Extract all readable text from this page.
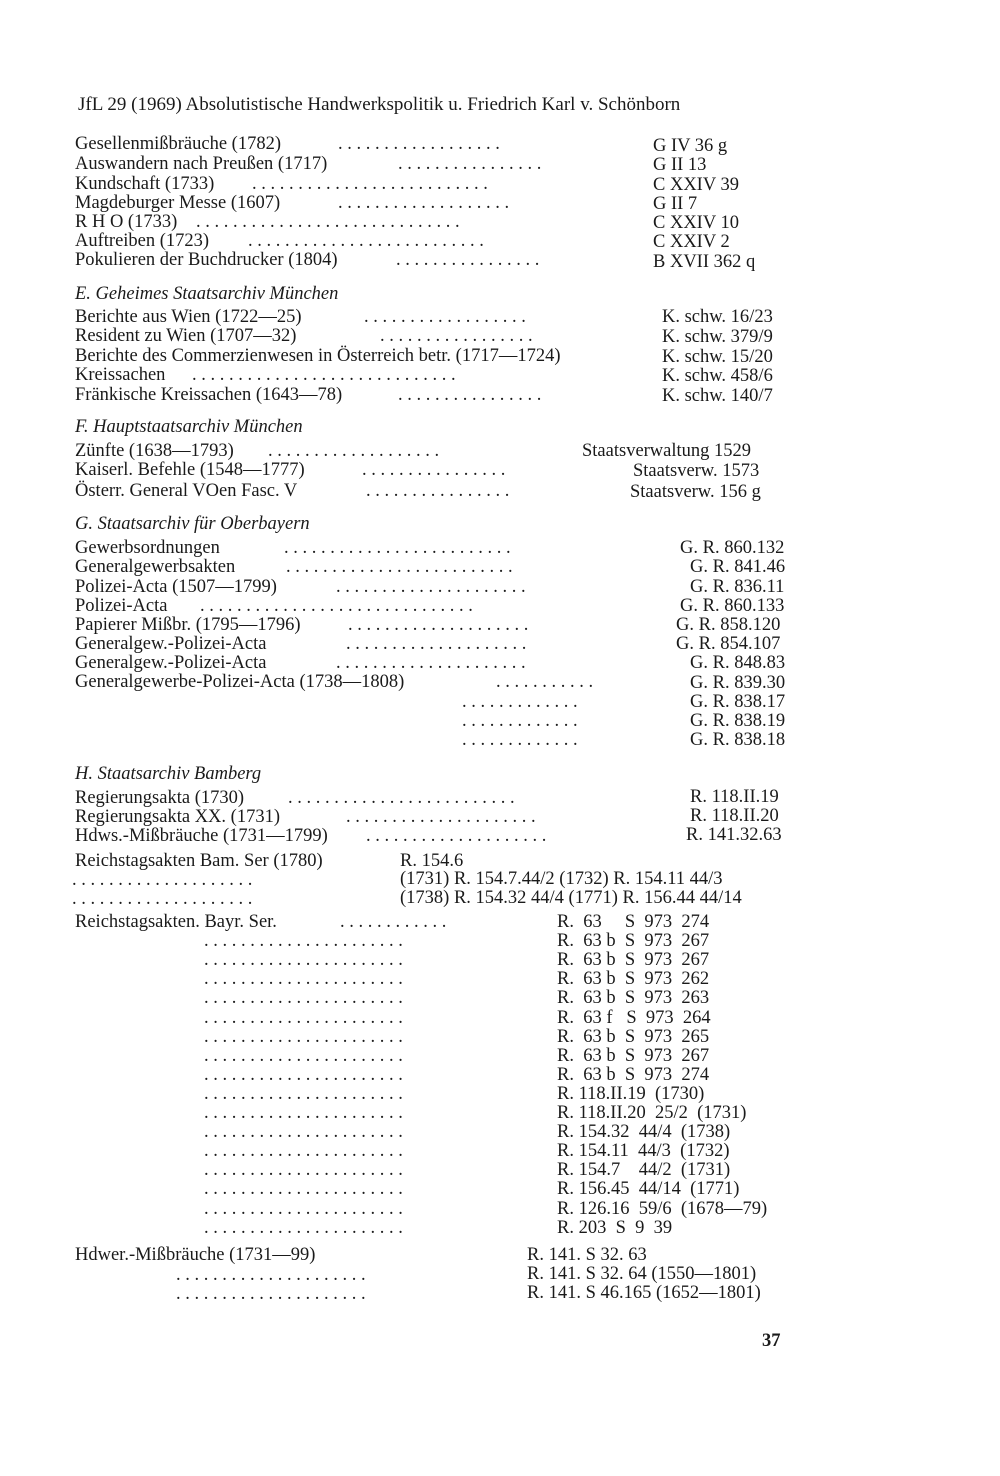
JfL 29 (1969) Absolutistische Handwerkspolitik u. Friedrich Karl v. Schönborn
Gesellenmißbräuche (1782)	. . . . . . . . . . . . . . . . . .	G IV 36 g
Auswandern nach Preußen (1717)	. . . . . . . . . . . . . . . .	G II 13
Kundschaft (1733) . . . . . . . . . . . . . . . . . . . . . . . . . .	C XXIV 39
Magdeburger Messe (1607)	. . . . . . . . . . . . . . . . . . .	G II 7
R H O (1733) . . . . . . . . . . . . . . . . . . . . . . . . . . . . .	C XXIV 10
Auftreiben (1723) . . . . . . . . . . . . . . . . . . . . . . . . . .	C XXIV 2
Pokulieren der Buchdrucker (1804)	. . . . . . . . . . . . . . . .	B XVII 362 q
E. Geheimes Staatsarchiv München
Berichte aus Wien (1722—25)	. . . . . . . . . . . . . . . . . .	K. schw. 16/23
Resident zu Wien (1707—32)	. . . . . . . . . . . . . . . . .	K. schw. 379/9
Berichte des Commerzienwesen in Österreich betr. (1717—1724)	K. schw. 15/20
Kreissachen . . . . . . . . . . . . . . . . . . . . . . . . . . . . .	K. schw. 458/6
Fränkische Kreissachen (1643—78)	. . . . . . . . . . . . . . . .	K. schw. 140/7
F. Hauptstaatsarchiv München
Zünfte (1638—1793) . . . . . . . . . . . . . . . . . . .	Staatsverwaltung 1529
Kaiserl. Befehle (1548—1777)	. . . . . . . . . . . . . . . .	Staatsverw. 1573
Österr. General VOen Fasc. V	. . . . . . . . . . . . . . . .	Staatsverw. 156 g
G. Staatsarchiv für Oberbayern
Gewerbsordnungen	. . . . . . . . . . . . . . . . . . . . . . . . .	G. R. 860.132
Generalgewerbsakten	. . . . . . . . . . . . . . . . . . . . . . . . .	G. R. 841.46
Polizei-Acta (1507—1799)	. . . . . . . . . . . . . . . . . . . . .	G. R. 836.11
Polizei-Acta . . . . . . . . . . . . . . . . . . . . . . . . . . . . . .	G. R. 860.133
Papierer Mißbr. (1795—1796)	. . . . . . . . . . . . . . . . . . . .	G. R. 858.120
Generalgew.-Polizei-Acta	. . . . . . . . . . . . . . . . . . . .	G. R. 854.107
Generalgew.-Polizei-Acta	. . . . . . . . . . . . . . . . . . . . .	G. R. 848.83
Generalgewerbe-Polizei-Acta (1738—1808)	. . . . . . . . . . .	G. R. 839.30
. . . . . . . . . . . . .	G. R. 838.17
. . . . . . . . . . . . .	G. R. 838.19
. . . . . . . . . . . . .	G. R. 838.18
H. Staatsarchiv Bamberg
Regierungsakta (1730) . . . . . . . . . . . . . . . . . . . . . . . . .	R. 118.II.19
Regierungsakta XX. (1731)	. . . . . . . . . . . . . . . . . . . . .	R. 118.II.20
Hdws.-Mißbräuche (1731—1799) . . . . . . . . . . . . . . . . . . . .	R. 141.32.63
Reichstagsakten Bam. Ser (1780)	R. 154.6
. . . . . . . . . . . . . . . . . . . .	(1731) R. 154.7.44/2 (1732) R. 154.11 44/3
. . . . . . . . . . . . . . . . . . . .	(1738) R. 154.32 44/4 (1771) R. 156.44 44/14
Reichstagsakten. Bayr. Ser.	. . . . . . . . . . . .	R.  63     S  973  274
. . . . . . . . . . . . . . . . . . . . . .	R.  63 b  S  973  267
. . . . . . . . . . . . . . . . . . . . . .	R.  63 b  S  973  267
. . . . . . . . . . . . . . . . . . . . . .	R.  63 b  S  973  262
. . . . . . . . . . . . . . . . . . . . . .	R.  63 b  S  973  263
. . . . . . . . . . . . . . . . . . . . . .	R.  63 f   S  973  264
. . . . . . . . . . . . . . . . . . . . . .	R.  63 b  S  973  265
. . . . . . . . . . . . . . . . . . . . . .	R.  63 b  S  973  267
. . . . . . . . . . . . . . . . . . . . . .	R.  63 b  S  973  274
. . . . . . . . . . . . . . . . . . . . . .	R. 118.II.19  (1730)
. . . . . . . . . . . . . . . . . . . . . .	R. 118.II.20  25/2  (1731)
. . . . . . . . . . . . . . . . . . . . . .	R. 154.32  44/4  (1738)
. . . . . . . . . . . . . . . . . . . . . .	R. 154.11  44/3  (1732)
. . . . . . . . . . . . . . . . . . . . . .	R. 154.7    44/2  (1731)
. . . . . . . . . . . . . . . . . . . . . .	R. 156.45  44/14  (1771)
. . . . . . . . . . . . . . . . . . . . . .	R. 126.16  59/6  (1678—79)
. . . . . . . . . . . . . . . . . . . . . .	R. 203  S  9  39
Hdwer.-Mißbräuche (1731—99)	R. 141. S 32. 63
. . . . . . . . . . . . . . . . . . . . .	R. 141. S 32. 64 (1550—1801)
. . . . . . . . . . . . . . . . . . . . .	R. 141. S 46.165 (1652—1801)
37
